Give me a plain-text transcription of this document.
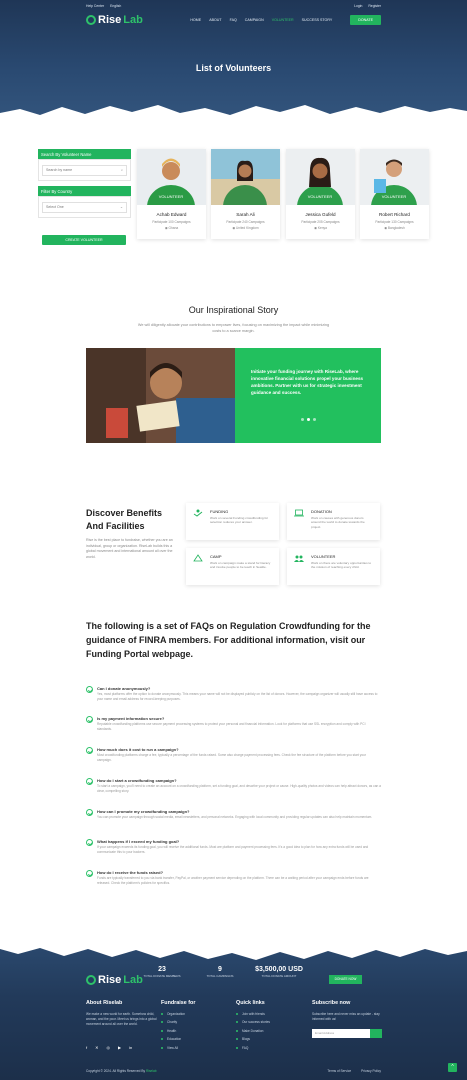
Help Center English	Login Register
Rise Lab	HOME ABOUT FAQ CAMPAIGN VOLUNTEER SUCCESS STORY	DONATE
List of Volunteers
Search By Volunteer Name
Search by name	⌕
Filter By Country
Select One	⌄
CREATE VOLUNTEER
VOLUNTEER
Achab Edward
Participate 100 Campaigns
◉ Ghana
Sarah Ali
Participate 240 Campaigns
◉ United Kingdom
VOLUNTEER
Jessica Gufeld
Participate 205 Campaigns
◉ Kenya
VOLUNTEER
Robert Richard
Participate 130 Campaigns
◉ Bangladesh
Our Inspirational Story
We will diligently allocate your contributions to empower lives, focusing on maximizing the impact while minimizing costs to a scarce margin.
Initiate your funding journey with RiseLab, where innovative financial solutions propel your business ambitions. Partner with us for strategic investment guidance and success.
Discover Benefits
And Facilities
Rise is the best place to fundraise, whether you are an individual, group or organization. RiseLab builds this a global movement and international amount all over the world.
FUNDING
Work on several Funding crowdfunding for selection reduces your answer.
DONATION
Work on causes with generous donors around the world to donate towards the project.
CAMP
Work on campaign make a stand for literacy and involve people to be teach in Seattle.
VOLUNTEER
Work on there are voluntary opportunities to the mission of reaching every child.
The following is a set of FAQs on Regulation Crowdfunding for the guidance of FINRA members. For additional information, visit our Funding Portal webpage.
Can I donate anonymously?
Yes, most platforms offer the option to donate anonymously. This means your name will not be displayed publicly on the list of donors. However, the campaign organizer will usually still have access to your name and email address for record-keeping purposes.
Is my payment information secure?
Reputable crowdfunding platforms use secure payment processing systems to protect your personal and financial information. Look for platforms that use SSL encryption and comply with PCI standards.
How much does it cost to run a campaign?
Most crowdfunding platforms charge a fee, typically a percentage of the funds raised. Some also charge payment processing fees. Check the fee structure of the platform before you start your campaign.
How do I start a crowdfunding campaign?
To start a campaign, you'll need to create an account on a crowdfunding platform, set a funding goal, and describe your project or cause. High-quality photos and videos can help attract donors, as can a clear, compelling story.
How can I promote my crowdfunding campaign?
You can promote your campaign through social media, email newsletters, and personal networks. Engaging with local community and providing regular updates can also help maintain momentum.
What happens if I exceed my funding goal?
If your campaign exceeds its funding goal, you will receive the additional funds. Most are platform and payment processing fees. It's a good idea to plan for how any extra funds will be used and communicate this to your backers.
How do I receive the funds raised?
Funds are typically transferred to you via bank transfer, PayPal, or another payment service depending on the platform. There can be a waiting period after your campaign ends before funds are released. Check the platform's policies for specifics.
Rise Lab
23
TOTAL DONATE MEMBERS
9
TOTAL CAMPAIGNS
$3,500,00 USD
TOTAL DONATE AMOUNT
DONATE NOW
About Riselab
We make a new world for earth. Somehow child, woman, and the poor. Meet us brings into a global movement around all over the world.
f ✕ ◎ ▶ in
Fundraise for
Organization
Charity
Health
Education
View All
Quick links
Join with friends
Our success stories
Make Donation
Blogs
FAQ
Subscribe now
Subscribe here and never miss an update - stay informed with us!
Email Address
Copyright © 2024. All Rights Reserved By Riselab	Terms of Service	Privacy Policy
^
